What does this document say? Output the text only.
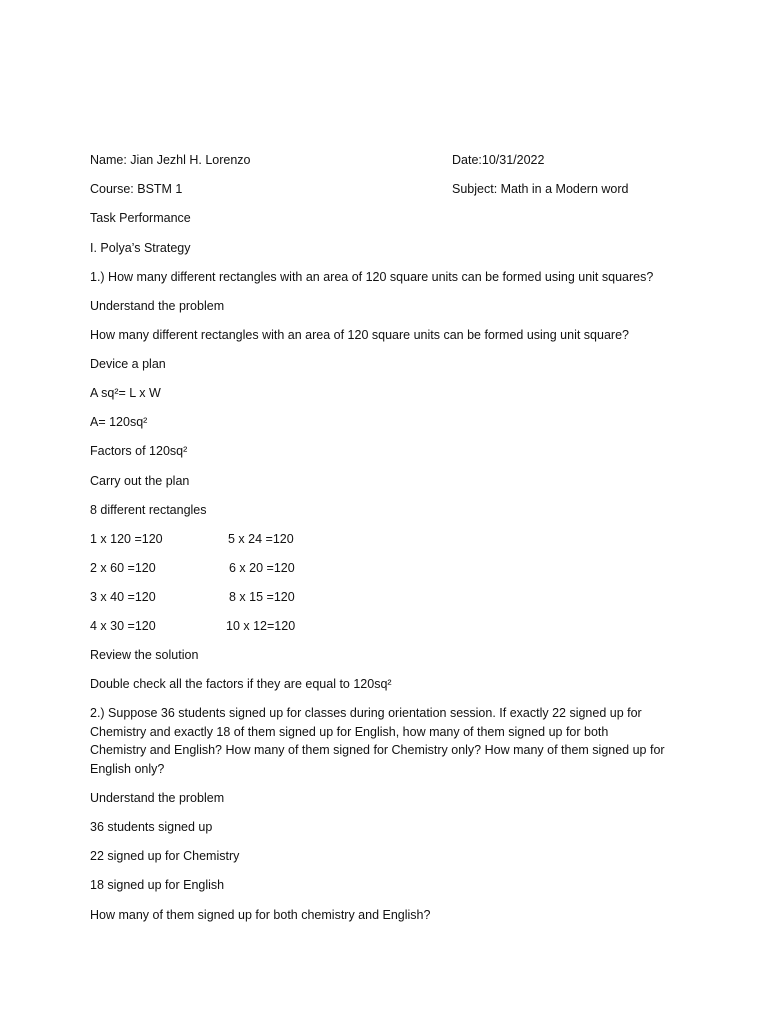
Name: Jian Jezhl H. Lorenzo	Date:10/31/2022
Course: BSTM 1	Subject: Math in a Modern word
Task Performance
I. Polya’s Strategy
1.) How many different rectangles with an area of 120 square units can be formed using unit squares?
Understand the problem
How many different rectangles with an area of 120 square units can be formed using unit square?
Device a plan
A sq²= L x W
A= 120sq²
Factors of 120sq²
Carry out the plan
8 different rectangles
1 x 120 =120	5 x 24 =120
2 x 60 =120	6 x 20 =120
3 x 40 =120	8 x 15 =120
4 x 30 =120	10 x 12=120
Review the solution
Double check all the factors if they are equal to 120sq²
2.) Suppose 36 students signed up for classes during orientation session. If exactly 22 signed up for Chemistry and exactly 18 of them signed up for English, how many of them signed up for both Chemistry and English? How many of them signed for Chemistry only? How many of them signed up for English only?
Understand the problem
36 students signed up
22 signed up for Chemistry
18 signed up for English
How many of them signed up for both chemistry and English?
